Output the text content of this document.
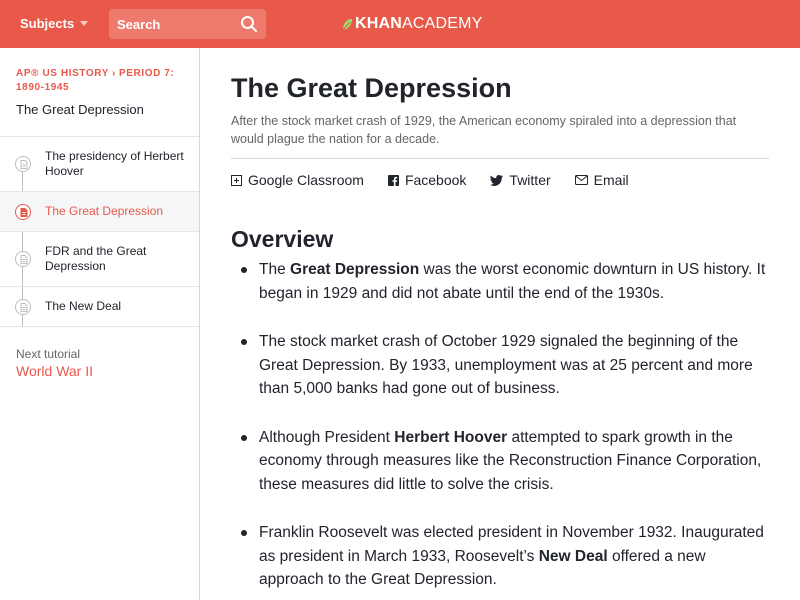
Subjects
Search	KHAN ACADEMY
AP® US HISTORY › PERIOD 7: 1890-1945
The Great Depression
The presidency of Herbert Hoover
The Great Depression
FDR and the Great Depression
The New Deal
Next tutorial
World War II
The Great Depression

After the stock market crash of 1929, the American economy spiraled into a depression that would plague the nation for a decade.

Google Classroom	Facebook	Twitter	Email
Overview
The Great Depression was the worst economic downturn in US history. It began in 1929 and did not abate until the end of the 1930s.
The stock market crash of October 1929 signaled the beginning of the Great Depression. By 1933, unemployment was at 25 percent and more than 5,000 banks had gone out of business.
Although President Herbert Hoover attempted to spark growth in the economy through measures like the Reconstruction Finance Corporation, these measures did little to solve the crisis.
Franklin Roosevelt was elected president in November 1932. Inaugurated as president in March 1933, Roosevelt’s New Deal offered a new approach to the Great Depression.
